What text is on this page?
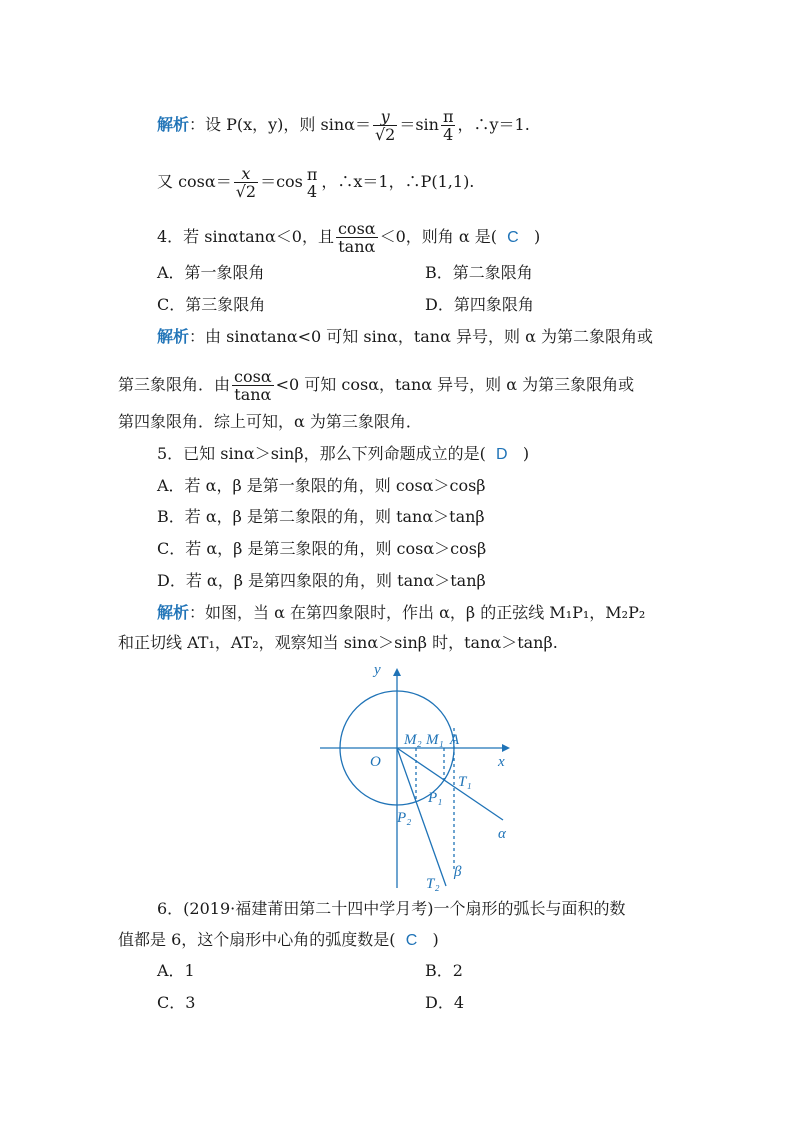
解析：设 P(x，y)，则 $\sin\alpha= \frac{y}{√2} =\sin \frac{\pi}{4}$ ，∴y＝1.
又 $\cos\alpha= \frac{x}{√2} =\cos$ π
4 ，∴x＝1，∴P(1,1).
4．若 sinαtanα＜0，且 $\frac{\cos\alpha}{\tan\alpha} <0$，则角 α 是( C )
A．第一象限角	B．第二象限角
C．第三象限角	D．第四象限角
解析：由 sinαtanα<0 可知 sinα，tanα 异号，则 α 为第二象限角或
第三象限角．由 $\frac{\cos\alpha}{\tan\alpha} <0$ 可知 cosα，tanα 异号，则 α 为第三象限角或
第四象限角．综上可知，α 为第三象限角．
5．已知 sinα＞sinβ，那么下列命题成立的是( D )
A．若 α，β 是第一象限的角，则 cosα＞cosβ
B．若 α，β 是第二象限的角，则 tanα＞tanβ
C．若 α，β 是第三象限的角，则 cosα＞cosβ
D．若 α，β 是第四象限的角，则 tanα＞tanβ
解析：如图，当 α 在第四象限时，作出 α，β 的正弦线 M₁P₁，M₂P₂
和正切线 AT₁，AT₂，观察知当 sinα＞sinβ 时，tanα＞tanβ.
y
x
O
M₂ M₁ A
T₁
P₁
P₂
α
β
T₂
6．(2019·福建莆田第二十四中学月考)一个扇形的弧长与面积的数
值都是 6，这个扇形中心角的弧度数是( C )
A．1	B．2
C．3	D．4
